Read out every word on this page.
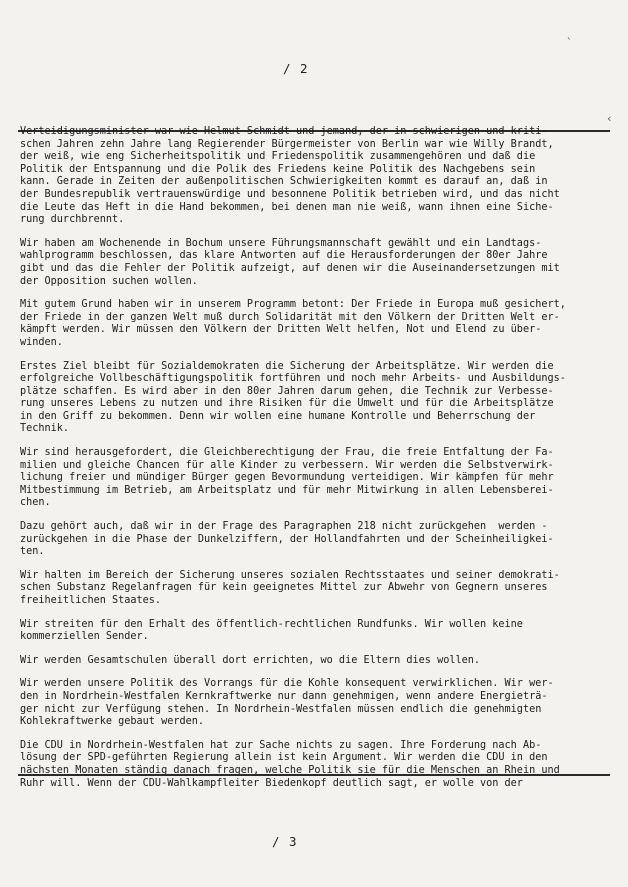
/ 2

Verteidigungsminister war wie Helmut Schmidt und jemand, der in schwierigen und kriti-
schen Jahren zehn Jahre lang Regierender Bürgermeister von Berlin war wie Willy Brandt,
der weiß, wie eng Sicherheitspolitik und Friedenspolitik zusammengehören und daß die
Politik der Entspannung und die Polik des Friedens keine Politik des Nachgebens sein
kann. Gerade in Zeiten der außenpolitischen Schwierigkeiten kommt es darauf an, daß in
der Bundesrepublik vertrauenswürdige und besonnene Politik betrieben wird, und das nicht
die Leute das Heft in die Hand bekommen, bei denen man nie weiß, wann ihnen eine Siche-
rung durchbrennt.

Wir haben am Wochenende in Bochum unsere Führungsmannschaft gewählt und ein Landtags-
wahlprogramm beschlossen, das klare Antworten auf die Herausforderungen der 80er Jahre
gibt und das die Fehler der Politik aufzeigt, auf denen wir die Auseinandersetzungen mit
der Opposition suchen wollen.

Mit gutem Grund haben wir in unserem Programm betont: Der Friede in Europa muß gesichert,
der Friede in der ganzen Welt muß durch Solidarität mit den Völkern der Dritten Welt er-
kämpft werden. Wir müssen den Völkern der Dritten Welt helfen, Not und Elend zu über-
winden.

Erstes Ziel bleibt für Sozialdemokraten die Sicherung der Arbeitsplätze. Wir werden die
erfolgreiche Vollbeschäftigungspolitik fortführen und noch mehr Arbeits- und Ausbildungs-
plätze schaffen. Es wird aber in den 80er Jahren darum gehen, die Technik zur Verbesse-
rung unseres Lebens zu nutzen und ihre Risiken für die Umwelt und für die Arbeitsplätze
in den Griff zu bekommen. Denn wir wollen eine humane Kontrolle und Beherrschung der
Technik.

Wir sind herausgefordert, die Gleichberechtigung der Frau, die freie Entfaltung der Fa-
milien und gleiche Chancen für alle Kinder zu verbessern. Wir werden die Selbstverwirk-
lichung freier und mündiger Bürger gegen Bevormundung verteidigen. Wir kämpfen für mehr
Mitbestimmung im Betrieb, am Arbeitsplatz und für mehr Mitwirkung in allen Lebensberei-
chen.

Dazu gehört auch, daß wir in der Frage des Paragraphen 218 nicht zurückgehen  werden -
zurückgehen in die Phase der Dunkelziffern, der Hollandfahrten und der Scheinheiligkei-
ten.

Wir halten im Bereich der Sicherung unseres sozialen Rechtsstaates und seiner demokrati-
schen Substanz Regelanfragen für kein geeignetes Mittel zur Abwehr von Gegnern unseres
freiheitlichen Staates.

Wir streiten für den Erhalt des öffentlich-rechtlichen Rundfunks. Wir wollen keine
kommerziellen Sender.

Wir werden Gesamtschulen überall dort errichten, wo die Eltern dies wollen.

Wir werden unsere Politik des Vorrangs für die Kohle konsequent verwirklichen. Wir wer-
den in Nordrhein-Westfalen Kernkraftwerke nur dann genehmigen, wenn andere Energieträ-
ger nicht zur Verfügung stehen. In Nordrhein-Westfalen müssen endlich die genehmigten
Kohlekraftwerke gebaut werden.

Die CDU in Nordrhein-Westfalen hat zur Sache nichts zu sagen. Ihre Forderung nach Ab-
lösung der SPD-geführten Regierung allein ist kein Argument. Wir werden die CDU in den
nächsten Monaten ständig danach fragen, welche Politik sie für die Menschen an Rhein und
Ruhr will. Wenn der CDU-Wahlkampfleiter Biedenkopf deutlich sagt, er wolle von der

/ 3
`
‹
